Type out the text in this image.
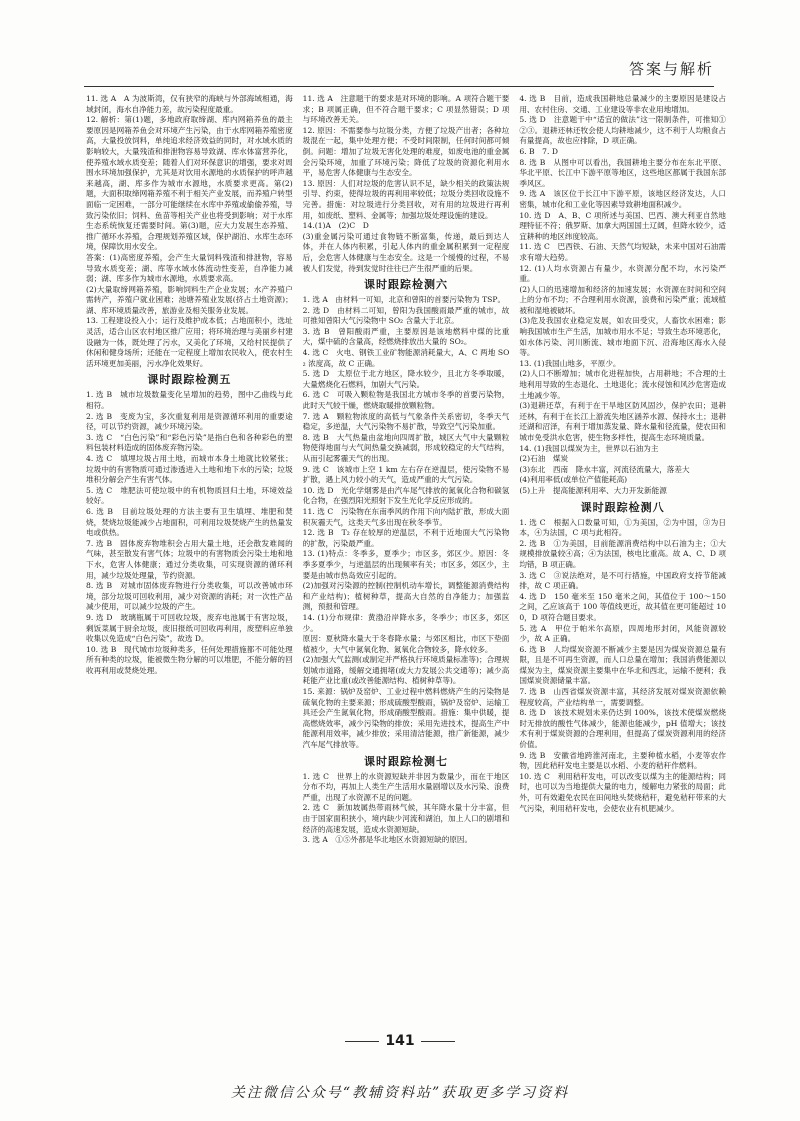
答案与解析

11. 选 A　A 为波斯湾，仅有狭窄的海峡与外部海域相通，海域封闭，海水自净能力差，故污染程度最重。

12. 解析：第(1)题，多地政府取缔湖、库内网箱养鱼的最主要原因是网箱养鱼会对环境产生污染，由于水库网箱养殖密度高，大量投放饲料，单纯追求经济效益的同时，对水域水质的影响较大，大量残渣和排泄物容易导致湖、库水体富营养化，使养殖水域水质变差；随着人们对环保意识的增强，要求对周围水环境加强保护，尤其是对饮用水源地的水质保护的呼声越来越高，湖、库多作为城市水源地，水质要求更高。第(2)题，大面积取缔网箱养殖不利于相关产业发展，而养殖户转型面临一定困难，一部分可能继续在水库中养殖或偷偷养殖，导致污染依旧；饲料、鱼苗等相关产业也将受到影响；对于水库生态系统恢复还需要时间。第(3)题，应大力发展生态养殖、推广循环水养殖，合理规划养殖区域，保护湖泊、水库生态环境，保障饮用水安全。

答案：(1)高密度养殖，会产生大量饲料残渣和排泄物，容易导致水质变差；湖、库等水域水体流动性变差，自净能力减弱；湖、库多作为城市水源地，水质要求高。

(2)大量取缔网箱养殖，影响饲料生产企业发展；水产养殖户需转产，养殖户就业困难；池塘养殖业发展(挤占土地资源)；湖、库环境质量改善，旅游业及相关服务业发展。

13. 工程建设投入小；运行及维护成本低；占地面积小，选址灵活，适合山区农村地区推广应用；将环境治理与美丽乡村建设融为一体，既处理了污水，又美化了环境，又给村民提供了休闲和健身场所；还能在一定程度上增加农民收入，使农村生活环境更加美丽，污水净化效果好。

课时跟踪检测五

1. 选 B　城市垃圾数量变化呈增加的趋势，图中乙曲线与此相符。

2. 选 B　变废为宝，多次重复利用是资源循环利用的重要途径，可以节约资源，减少环境污染。

3. 选 C　“白色污染”和“彩色污染”是指白色和各种彩色的塑料包装材料造成的固体废弃物污染。

4. 选 C　填埋垃圾占用土地，而城市本身土地就比较紧张；垃圾中的有害物质可通过渗透进入土地和地下水的污染；垃圾堆积分解会产生有害气体。

5. 选 C　堆肥法可使垃圾中的有机物质回归土地，环境效益较好。

6. 选 B　目前垃圾处理的方法主要有卫生填埋、堆肥和焚烧，焚烧垃圾能减少占地面积，可利用垃圾焚烧产生的热量发电或供热。

7. 选 B　固体废弃物堆积会占用大量土地，还会散发难闻的气味，甚至散发有害气体；垃圾中的有害物质会污染土地和地下水，危害人体健康；通过分类收集，可实现资源的循环利用，减少垃圾处理量，节约资源。

8. 选 B　对城市固体废弃物进行分类收集，可以改善城市环境，部分垃圾可回收利用，减少对资源的消耗；对一次性产品减少使用，可以减少垃圾的产生。

9. 选 D　玻璃瓶属于可回收垃圾，废弃电池属于有害垃圾，剩饭菜属于厨余垃圾，废旧报纸可回收再利用，废塑料应单独收集以免造成“白色污染”，故选 D。

10. 选 B　现代城市垃圾种类多，任何处理措施都不可能处理所有种类的垃圾，能被微生物分解的可以堆肥，不能分解的回收再利用或焚烧处理。

11. 选 A　注意题干的要求是对环境的影响。A 项符合题干要求；B 项属正确，但不符合题干要求；C 项显然错误；D 项与环境改善无关。

12. 原因：不需要参与垃圾分类，方便了垃圾产出者；各种垃圾混在一起，集中处理方便；不受时间限制，任何时间都可倾倒。问题：增加了垃圾无害化处理的难度，如废电池的重金属会污染环境，加重了环境污染；降低了垃圾的资源化利用水平，易危害人体健康与生态安全。

13. 原因：人们对垃圾的危害认识不足，缺少相关的政策法规引导、约束，使得垃圾的再利用率较低；垃圾分类回收设施不完善。措施：对垃圾进行分类回收，对有用的垃圾进行再利用，如废纸、塑料、金属等；加强垃圾处理设施的建设。

14.(1)A　(2)C　D

(3)重金属污染可通过食物链不断富集，传递，最后到达人体，并在人体内积累，引起人体内的重金属积累到一定程度后，会危害人体健康与生态安全。这是一个缓慢的过程，不易被人们发觉，待到发觉时往往已产生很严重的后果。

课时跟踪检测六

1. 选 A　由材料一可知，北京和曾阳的首要污染物为 TSP。

2. 选 D　由材料二可知，曾阳为我国酸雨最严重的城市，故可推知曾阳大气污染物中 SO₂ 含量大于北京。

3. 选 B　曾阳酸雨严重，主要原因是该地燃料中煤的比重大，煤中硫的含量高，经燃烧排放出大量的 SO₂。

4. 选 C　火电、钢铁工业矿物能源消耗量大，A、C 两地 SO₂ 浓度高，故 C 正确。

5. 选 D　太原位于北方地区，降水较少，且北方冬季取暖，大量燃烧化石燃料，加剧大气污染。

6. 选 C　可吸入颗粒物是我国北方城市冬季的首要污染物，此时天气较干燥，燃烧取暖排放颗粒物。

7. 选 A　颗粒物浓度的高低与气象条件关系密切，冬季天气稳定，多逆温，大气污染物不易扩散，导致空气污染加重。

8. 选 B　大气热量由盆地向四周扩散，城区大气中大量颗粒物使得地面与大气间热量交换减弱，形成较稳定的大气结构，从而引起雾霾天气的出现。

9. 选 C　该城市上空 1 km 左右存在逆温层，使污染物不易扩散，遇上风力较小的天气，造成严重的大气污染。

10. 选 D　光化学烟雾是由汽车尾气排放的氮氧化合物和碳氢化合物，在强烈阳光照射下发生光化学反应形成的。

11. 选 C　污染物在东南季风的作用下向内陆扩散，形成大面积灰霾天气，这类天气多出现在秋冬季节。

12. 选 B　T₂ 存在较厚的逆温层，不利于近地面大气污染物的扩散，污染最严重。

13. (1)特点：冬季多，夏季少；市区多，郊区少。原因：冬季多夏季少，与逆温层的出现频率有关；市区多，郊区少，主要是由城市热岛效应引起的。

(2)加强对污染源的控制(控制机动车增长，调整能源消费结构和产业结构)；植树种草，提高大自然的自净能力；加强监测，预报和管理。

14. (1)分布规律：黄渤沿岸降水多，冬季少；市区多，郊区少。

原因：夏秋降水量大于冬春降水量；与郊区相比，市区下垫面植被少，大气中氮氧化物、氮氧化合物较多，降水较多。

(2)加强大气监测(或制定并严格执行环境质量标准等)；合理规划城市道路，缓解交通拥堵(或大力发展公共交通等)；减少高耗能产业比重(或改善能源结构、植树种草等)。

15. 来源：锅炉及窑炉、工业过程中燃料燃烧产生的污染物是硫氧化物的主要来源；形成硫酸型酸雨，锅炉及窑炉、运输工具还会产生氮氧化物，形成硝酸型酸雨。措施：集中供暖，提高燃烧效率，减少污染物的排放；采用先进技术，提高生产中能源利用效率，减少排放；采用清洁能源，推广新能源，减少汽车尾气排放等。

课时跟踪检测七

1. 选 C　世界上的水资源短缺并非因为数量少，而在于地区分布不均，再加上人类生产生活用水量剧增以及水污染、浪费严重，出现了水资源不足的问题。

2. 选 C　新加坡属热带雨林气候，其年降水量十分丰富，但由于国家面积狭小，境内缺少河流和湖泊，加上人口的剧增和经济的高速发展，造成水资源短缺。

3. 选 A　①⑤外都是华北地区水资源短缺的原因。

4. 选 B　目前，造成我国耕地总量减少的主要原因是建设占用、农村住房、交通、工业建设等非农业用地增加。

5. 选 D　注意题干中“适宜的做法”这一限制条件，可推知①②③。退耕还林还牧会使人均耕地减少，这不利于人均粮食占有量提高，故也应排除，D 项正确。

6. B　7. D

8. 选 B　从图中可以看出，我国耕地主要分布在东北平原、华北平原、长江中下游平原等地区，这些地区都属于我国东部季风区。

9. 选 A　该区位于长江中下游平原，该地区经济发达，人口密集，城市化和工业化等因素导致耕地面积减少。

10. 选 D　A、B、C 项所述与美国、巴西、澳大利亚自然地理特征不符；俄罗斯、加拿大两国国土辽阔，但降水较少，适宜耕种的地区纬度较高。

11. 选 C　巴西铁、石油、天然气均短缺，未来中国对石油需求有增大趋势。

12. (1)人均水资源占有量少，水资源分配不均，水污染严重。

(2)人口的迅速增加和经济的加速发展；水资源在时间和空间上的分布不均；不合理利用水资源，浪费和污染严重；流域植被和湿地被破坏。

(3)危及我国农业稳定发展，如农田受灾，人畜饮水困难；影响我国城市生产生活，加城市用水不足；导致生态环境恶化，如水体污染、河川断流、城市地面下沉、沿海地区海水入侵等。

13. (1)我国山地多，平原少。

(2)人口不断增加；城市化进程加快，占用耕地；不合理的土地利用导致的生态退化、土地退化；流水侵蚀和风沙危害造成土地减少等。

(3)退耕还草，有利于在干旱地区防风固沙，保护农田；退耕还林，有利于在长江上游流失地区涵养水源、保持水土；退耕还湖和沼泽，有利于增加蒸发量、降水量和径流量，使农田和城市免受洪水危害，使生物多样性，提高生态环境质量。

14. (1)我国以煤炭为主，世界以石油为主

(2)石油　煤炭

(3)东北　西南　降水丰富，河流径流量大，落差大

(4)利用率低(或单位产值能耗高)

(5)上升　提高能源利用率、大力开发新能源

课时跟踪检测八

1. 选 C　根据入口数量可知，①为美国，②为中国，③为日本，④为法国，C 项与此相符。

2. 选 B　①为美国，目前能源消费结构中以石油为主；①大规模排放量较④高；④为法国，核电比重高。故 A、C、D 项均错，B 项正确。

3. 选 C　③说法绝对，是不可行措施，中国政府支持节能减排，故 C 项正确。

4. 选 D　150 毫米至 150 毫米之间，其值位于 100～150 之间，乙应该高于 100 等值线更近，故其值在更可能超过 100，D 项符合题目要求。

5. 选 A　甲位于帕米尔高原，四周地形封闭，风能资源较少，故 A 正确。

6. 选 B　人均煤炭资源不断减少主要是因为煤炭资源总量有限，且是不可再生资源，而人口总量在增加；我国消费能源以煤炭为主，煤炭资源主要集中在华北和西北，运输不便利；我国煤炭资源储量丰富。

7. 选 B　山西省煤炭资源丰富，其经济发展对煤炭资源依赖程度较高，产业结构单一，需要调整。

8. 选 D　该技术规划未来仍达到 100%，该技术使煤炭燃烧时无排放的酸性气体减少，能源也能减少，pH 值增大；该技术有利于煤炭资源的合理利用，但提高了煤炭资源利用的经济价值。

9. 选 B　安徽省地跨淮河南北，主要种植水稻，小麦等农作物，因此秸秆发电主要是以水稻、小麦的秸秆作燃料。

10. 选 C　利用秸秆发电，可以改变以煤为主的能源结构；同时，也可以为当地提供大量的电力，缓解电力紧张的局面；此外，可有效避免农民在田间地头焚烧秸秆，避免秸秆带来的大气污染，利用秸秆发电，会使农业有机肥减少。

141
关注微信公众号“教辅资料站”获取更多学习资料
